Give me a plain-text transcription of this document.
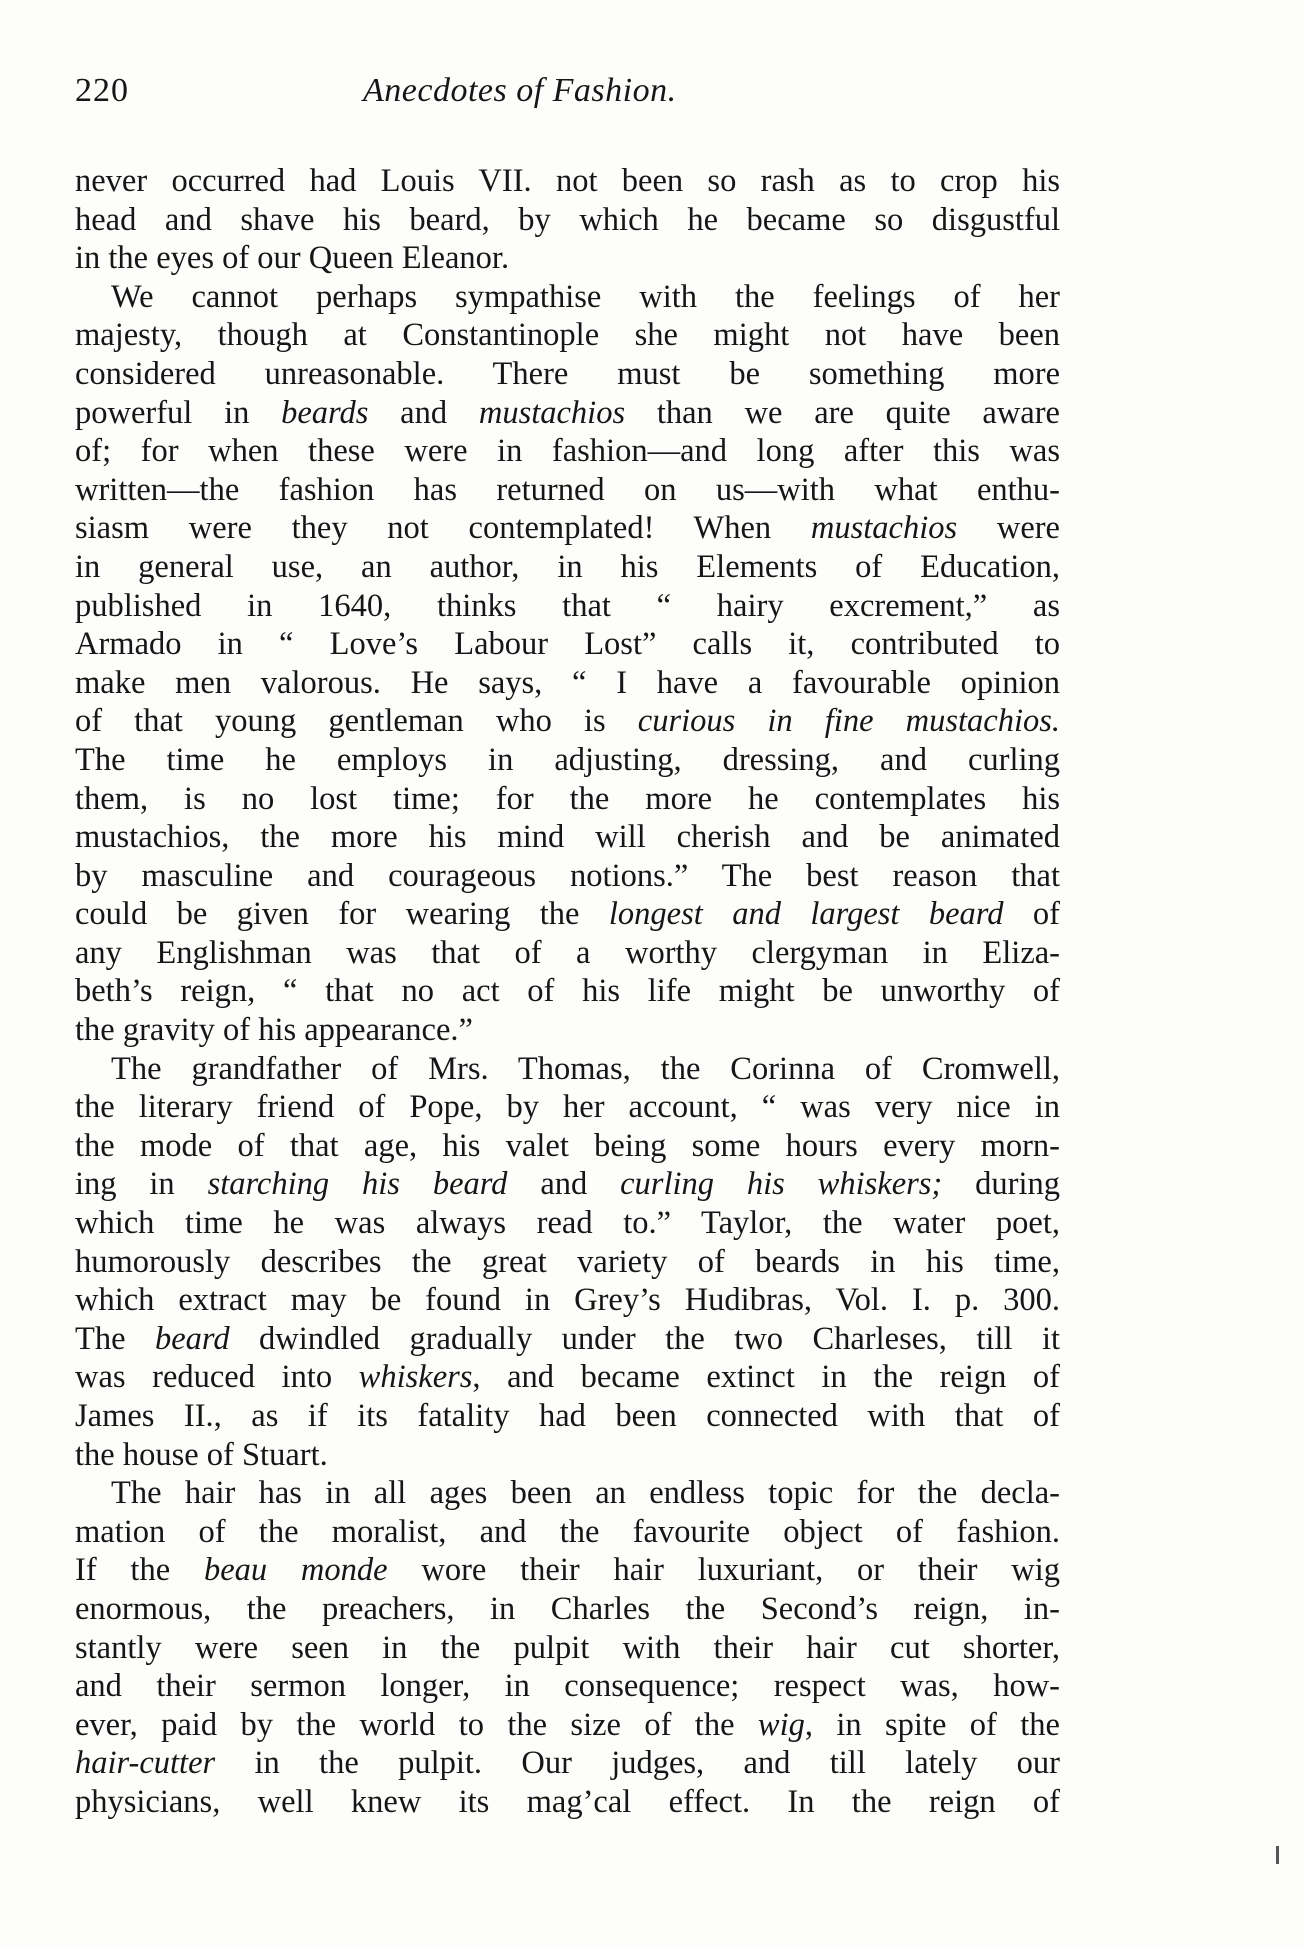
220	Anecdotes of Fashion.
never occurred had Louis VII. not been so rash as to crop his
head and shave his beard, by which he became so disgustful
in the eyes of our Queen Eleanor.
We cannot perhaps sympathise with the feelings of her
majesty, though at Constantinople she might not have been
considered unreasonable. There must be something more
powerful in beards and mustachios than we are quite aware
of; for when these were in fashion—and long after this was
written—the fashion has returned on us—with what enthu-
siasm were they not contemplated! When mustachios were
in general use, an author, in his Elements of Education,
published in 1640, thinks that “ hairy excrement,” as
Armado in “ Love’s Labour Lost” calls it, contributed to
make men valorous. He says, “ I have a favourable opinion
of that young gentleman who is curious in fine mustachios.
The time he employs in adjusting, dressing, and curling
them, is no lost time; for the more he contemplates his
mustachios, the more his mind will cherish and be animated
by masculine and courageous notions.” The best reason that
could be given for wearing the longest and largest beard of
any Englishman was that of a worthy clergyman in Eliza-
beth’s reign, “ that no act of his life might be unworthy of
the gravity of his appearance.”
The grandfather of Mrs. Thomas, the Corinna of Cromwell,
the literary friend of Pope, by her account, “ was very nice in
the mode of that age, his valet being some hours every morn-
ing in starching his beard and curling his whiskers; during
which time he was always read to.” Taylor, the water poet,
humorously describes the great variety of beards in his time,
which extract may be found in Grey’s Hudibras, Vol. I. p. 300.
The beard dwindled gradually under the two Charleses, till it
was reduced into whiskers, and became extinct in the reign of
James II., as if its fatality had been connected with that of
the house of Stuart.
The hair has in all ages been an endless topic for the decla-
mation of the moralist, and the favourite object of fashion.
If the beau monde wore their hair luxuriant, or their wig
enormous, the preachers, in Charles the Second’s reign, in-
stantly were seen in the pulpit with their hair cut shorter,
and their sermon longer, in consequence; respect was, how-
ever, paid by the world to the size of the wig, in spite of the
hair-cutter in the pulpit. Our judges, and till lately our
physicians, well knew its mag’cal effect. In the reign of
